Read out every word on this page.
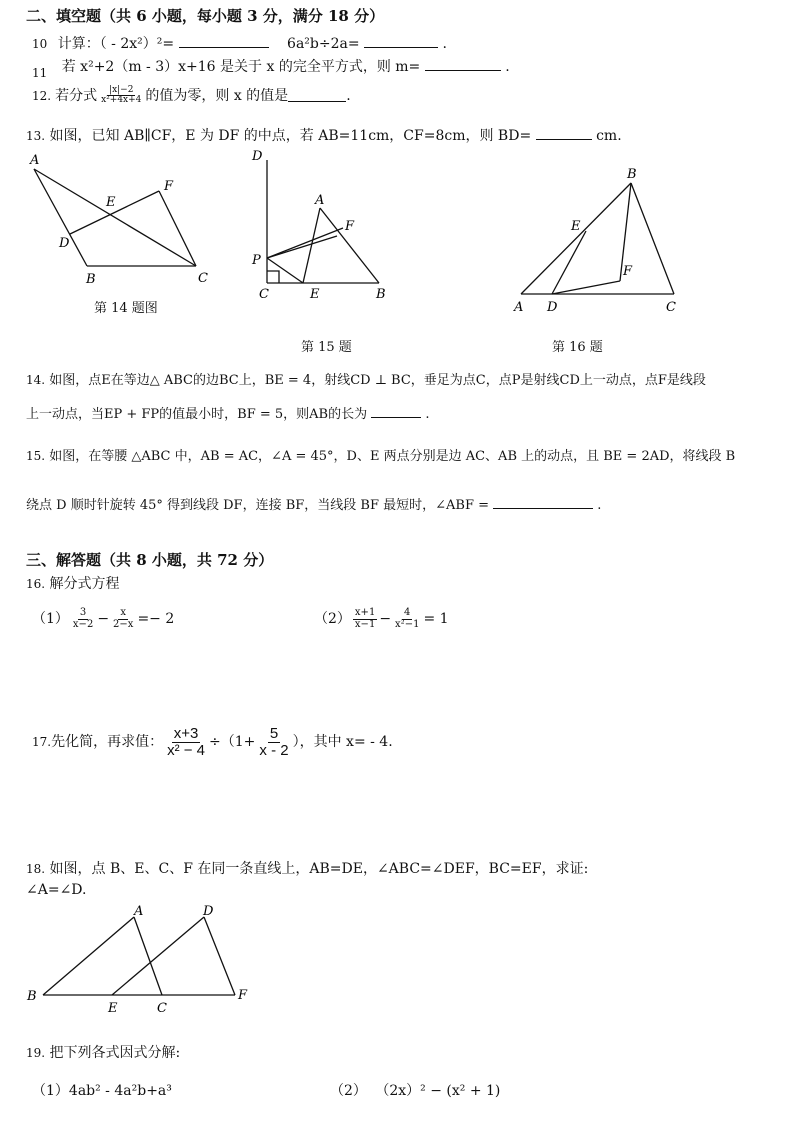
二、填空题（共 6 小题，每小题 3 分，满分 18 分）
10 计算：（ - 2x²）²=	6a²b÷2a=	.
11 若 x²+2（m - 3）x+16 是关于 x 的完全平方式，则 m=	.
12. 若分式 $\frac{|x|-2}{\text{x²+4x+4}}$ 的值为零，则 x 的值是	.
13. 如图，已知 AB∥CF，E 为 DF 的中点，若 AB=11cm，CF=8cm，则 BD=	cm.
A
E
F
D
B	C
第 14 题图
D
A
F
P
C	E	B
第 15 题
B
E
F
A D	C
第 16 题
14. 如图，点E在等边△ ABC的边BC上，BE = 4，射线CD ⊥ BC，垂足为点C，点P是射线CD上一动点，点F是线段
上一动点，当EP + FP的值最小时，BF = 5，则AB的长为	.
15. 如图，在等腰 △ABC 中，AB = AC，∠A = 45°，D、E 两点分别是边 AC、AB 上的动点，且 BE = 2AD，将线段 B
绕点 D 顺时针旋转 45° 得到线段 DF，连接 BF，当线段 BF 最短时，∠ABF =	.
三、解答题（共 8 小题，共 72 分）
16. 解分式方程
$(1) \frac{3}{x-2} - \frac{x}{2-x} =- 2$	$(2) \frac{x+1}{x-1} - \frac{4}{\text{x²−1}} = 1$
17. 先化简，再求值： $\frac{x+3}{\text{x² − 4}} \div(1+ \frac{5}{x - 2}$ ），其中 x= - 4.
18. 如图，点 B、E、C、F 在同一条直线上，AB=DE，∠ABC=∠DEF，BC=EF，求证:
∠A=∠D.
A	D
B
E	C
F
19. 把下列各式因式分解:
（1）4ab² - 4a²b+a³	（2） （2x）² − (x² + 1)
